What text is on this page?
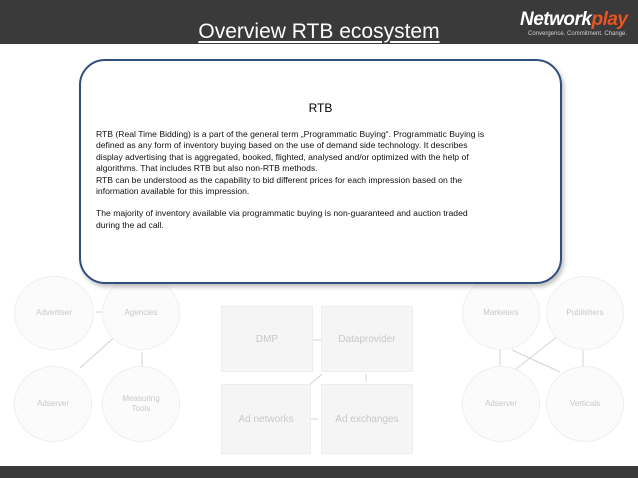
Overview RTB ecosystem
Networkplay
Convergence. Commitment. Change.
Advertiser	Agencies
Adserver
Measuring
Tools
DMP	Dataprovider
Ad networks	Ad exchanges
Marketers	Publishers
Adserver	Verticals
RTB

RTB (Real Time Bidding) is a part of the general term „Programmatic Buying“. Programmatic Buying is
defined as any form of inventory buying based on the use of demand side technology. It describes
display advertising that is aggregated, booked, flighted, analysed and/or optimized with the help of
algorithms. That includes RTB but also non-RTB methods.
RTB can be understood as the capability to bid different prices for each impression based on the
information available for this impression.

The majority of inventory available via programmatic buying is non-guaranteed and auction traded
during the ad call.
